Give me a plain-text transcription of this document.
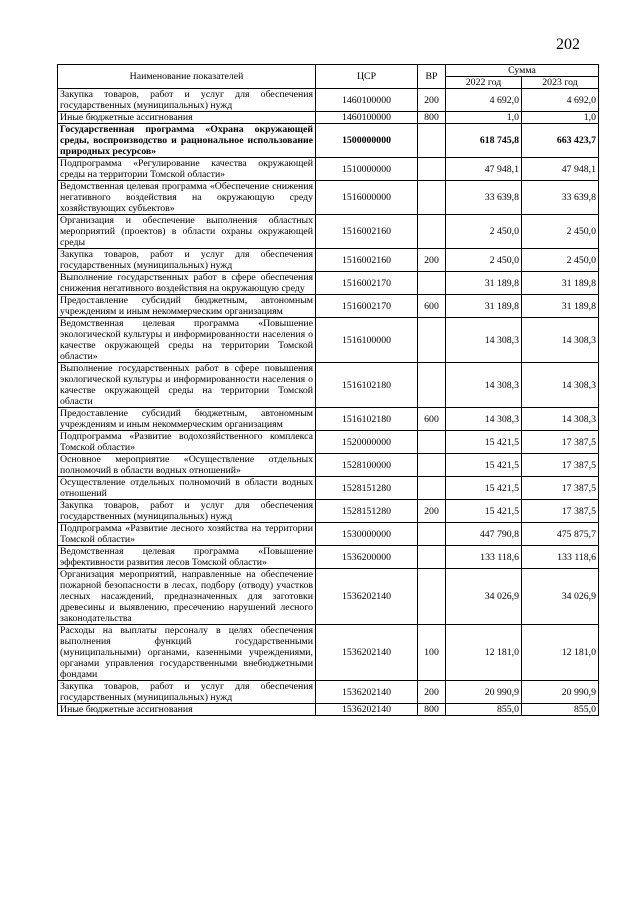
202
Наименование показателей	ЦСР	ВР	Сумма	
			2022 год	2023 год
Закупка товаров, работ и услуг для обеспечения государственных (муниципальных) нужд	1460100000	200	4 692,0	4 692,0
Иные бюджетные ассигнования	1460100000	800	1,0	1,0
Государственная программа «Охрана окружающей среды, воспроизводство и рациональное использование природных ресурсов»	1500000000		618 745,8	663 423,7
Подпрограмма «Регулирование качества окружающей среды на территории Томской области»	1510000000		47 948,1	47 948,1
Ведомственная целевая программа «Обеспечение снижения негативного воздействия на окружающую среду хозяйствующих субъектов»	1516000000		33 639,8	33 639,8
Организация и обеспечение выполнения областных мероприятий (проектов) в области охраны окружающей среды	1516002160		2 450,0	2 450,0
Закупка товаров, работ и услуг для обеспечения государственных (муниципальных) нужд	1516002160	200	2 450,0	2 450,0
Выполнение государственных работ в сфере обеспечения снижения негативного воздействия на окружающую среду	1516002170		31 189,8	31 189,8
Предоставление субсидий бюджетным, автономным учреждениям и иным некоммерческим организациям	1516002170	600	31 189,8	31 189,8
Ведомственная целевая программа «Повышение экологической культуры и информированности населения о качестве окружающей среды на территории Томской области»	1516100000		14 308,3	14 308,3
Выполнение государственных работ в сфере повышения экологической культуры и информированности населения о качестве окружающей среды на территории Томской области	1516102180		14 308,3	14 308,3
Предоставление субсидий бюджетным, автономным учреждениям и иным некоммерческим организациям	1516102180	600	14 308,3	14 308,3
Подпрограмма «Развитие водохозяйственного комплекса Томской области»	1520000000		15 421,5	17 387,5
Основное мероприятие «Осуществление отдельных полномочий в области водных отношений»	1528100000		15 421,5	17 387,5
Осуществление отдельных полномочий в области водных отношений	1528151280		15 421,5	17 387,5
Закупка товаров, работ и услуг для обеспечения государственных (муниципальных) нужд	1528151280	200	15 421,5	17 387,5
Подпрограмма «Развитие лесного хозяйства на территории Томской области»	1530000000		447 790,8	475 875,7
Ведомственная целевая программа «Повышение эффективности развития лесов Томской области»	1536200000		133 118,6	133 118,6
Организация мероприятий, направленные на обеспечение пожарной безопасности в лесах, подбору (отводу) участков лесных насаждений, предназначенных для заготовки древесины и выявлению, пресечению нарушений лесного законодательства	1536202140		34 026,9	34 026,9
Расходы на выплаты персоналу в целях обеспечения выполнения функций государственными (муниципальными) органами, казенными учреждениями, органами управления государственными внебюджетными фондами	1536202140	100	12 181,0	12 181,0
Закупка товаров, работ и услуг для обеспечения государственных (муниципальных) нужд	1536202140	200	20 990,9	20 990,9
Иные бюджетные ассигнования	1536202140	800	855,0	855,0
